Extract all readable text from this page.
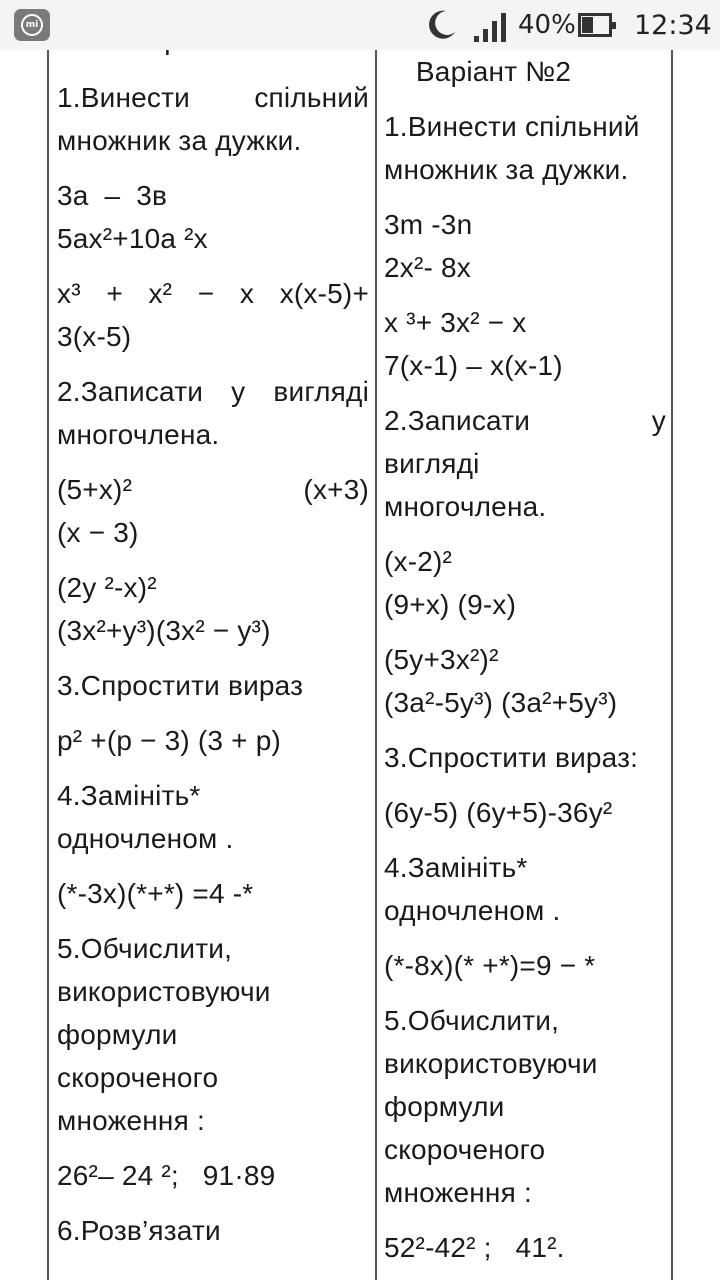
mi	40% 12:34

1.Винести спільний

множник за дужки.

3a  –  3в

5ax²+10a ²x

x³ + x² − x x(x-5)+

3(x-5)

2.Записати у вигляді

многочлена.

(5+x)² (x+3)

(x − 3)

(2y ²-x)²

(3x²+y³)(3x² − y³)

3.Спростити вираз

p² +(p − 3) (3 + p)

4.Замініть*

одночленом .

(*-3x)(*+*) =4 -*

5.Обчислити,

використовуючи

формули

скороченого

множення :

26²– 24 ²;   91·89

6.Розв’язати

Варіант №2

1.Винести спільний

множник за дужки.

3m -3n

2x²- 8x

x ³+ 3x² − x

7(x-1) – x(x-1)

2.Записати у

вигляді

многочлена.

(x-2)²

(9+x) (9-x)

(5y+3x²)²

(3a²-5y³) (3a²+5y³)

3.Спростити вираз:

(6y-5) (6y+5)-36y²

4.Замініть*

одночленом .

(*-8x)(* +*)=9 − *

5.Обчислити,

використовуючи

формули

скороченого

множення :

52²-42² ;   41².
